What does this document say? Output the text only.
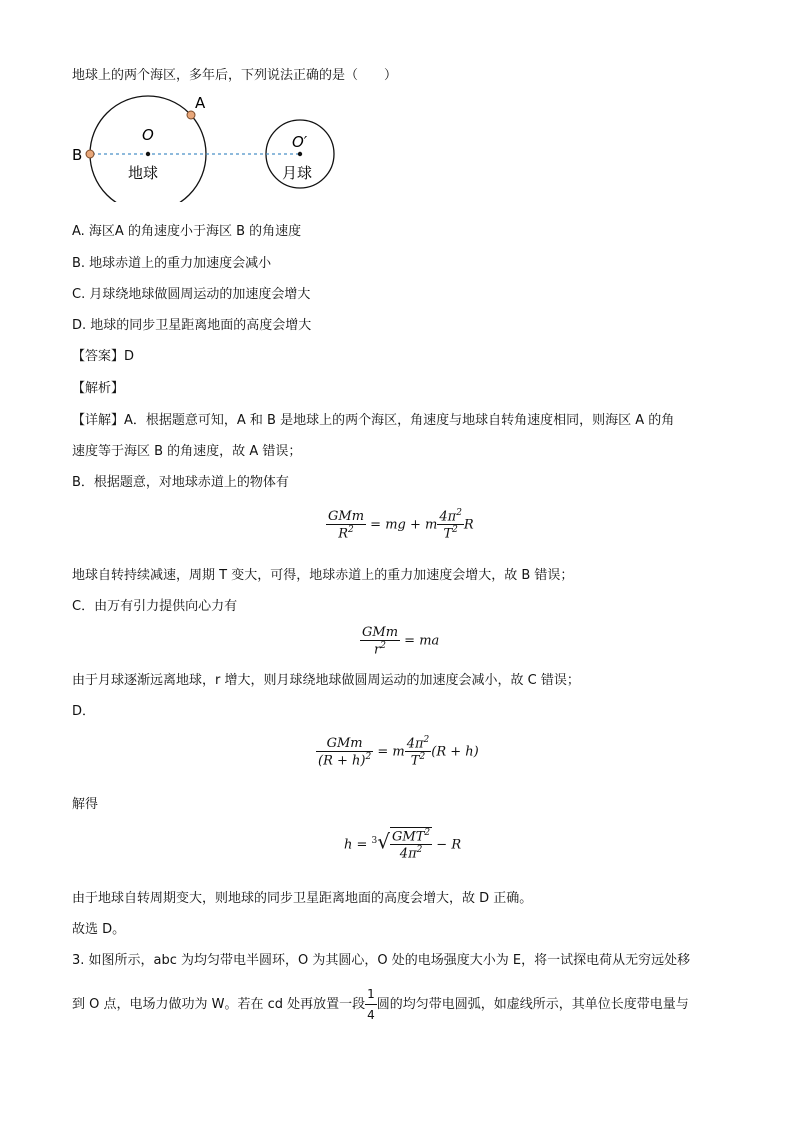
地球上的两个海区，多年后，下列说法正确的是（　　）
A
B
O	O′
地球	月球
A. 海区A 的角速度小于海区 B 的角速度
B. 地球赤道上的重力加速度会减小
C. 月球绕地球做圆周运动的加速度会增大
D. 地球的同步卫星距离地面的高度会增大
【答案】D
【解析】
【详解】A．根据题意可知，A 和 B 是地球上的两个海区，角速度与地球自转角速度相同，则海区 A 的角
速度等于海区 B 的角速度，故 A 错误；
B．根据题意，对地球赤道上的物体有
$\frac{\text{GMm}}{R^2}$ = mg + m $\frac{4\pi^2}{T^2}$ R
地球自转持续减速，周期 T 变大，可得，地球赤道上的重力加速度会增大，故 B 错误；
C．由万有引力提供向心力有
$\frac{\text{GMm}}{r^2}$ = ma
由于月球逐渐远离地球，r 增大，则月球绕地球做圆周运动的加速度会减小，故 C 错误；
D．
$\frac{\text{GMm}}{(R + h)^2} = m \frac{4\pi^2}{T^2} (R + h)$
解得
$h = ^3√ \frac{GMT^2}{4\pi^2} - R$
由于地球自转周期变大，则地球的同步卫星距离地面的高度会增大，故 D 正确。
故选 D。
3. 如图所示，abc 为均匀带电半圆环，O 为其圆心，O 处的电场强度大小为 E，将一试探电荷从无穷远处移
到 O 点，电场力做功为 W。若在 cd 处再放置一段 $\frac{1}{4}$ 圆的均匀带电圆弧，如虚线所示，其单位长度带电量与
